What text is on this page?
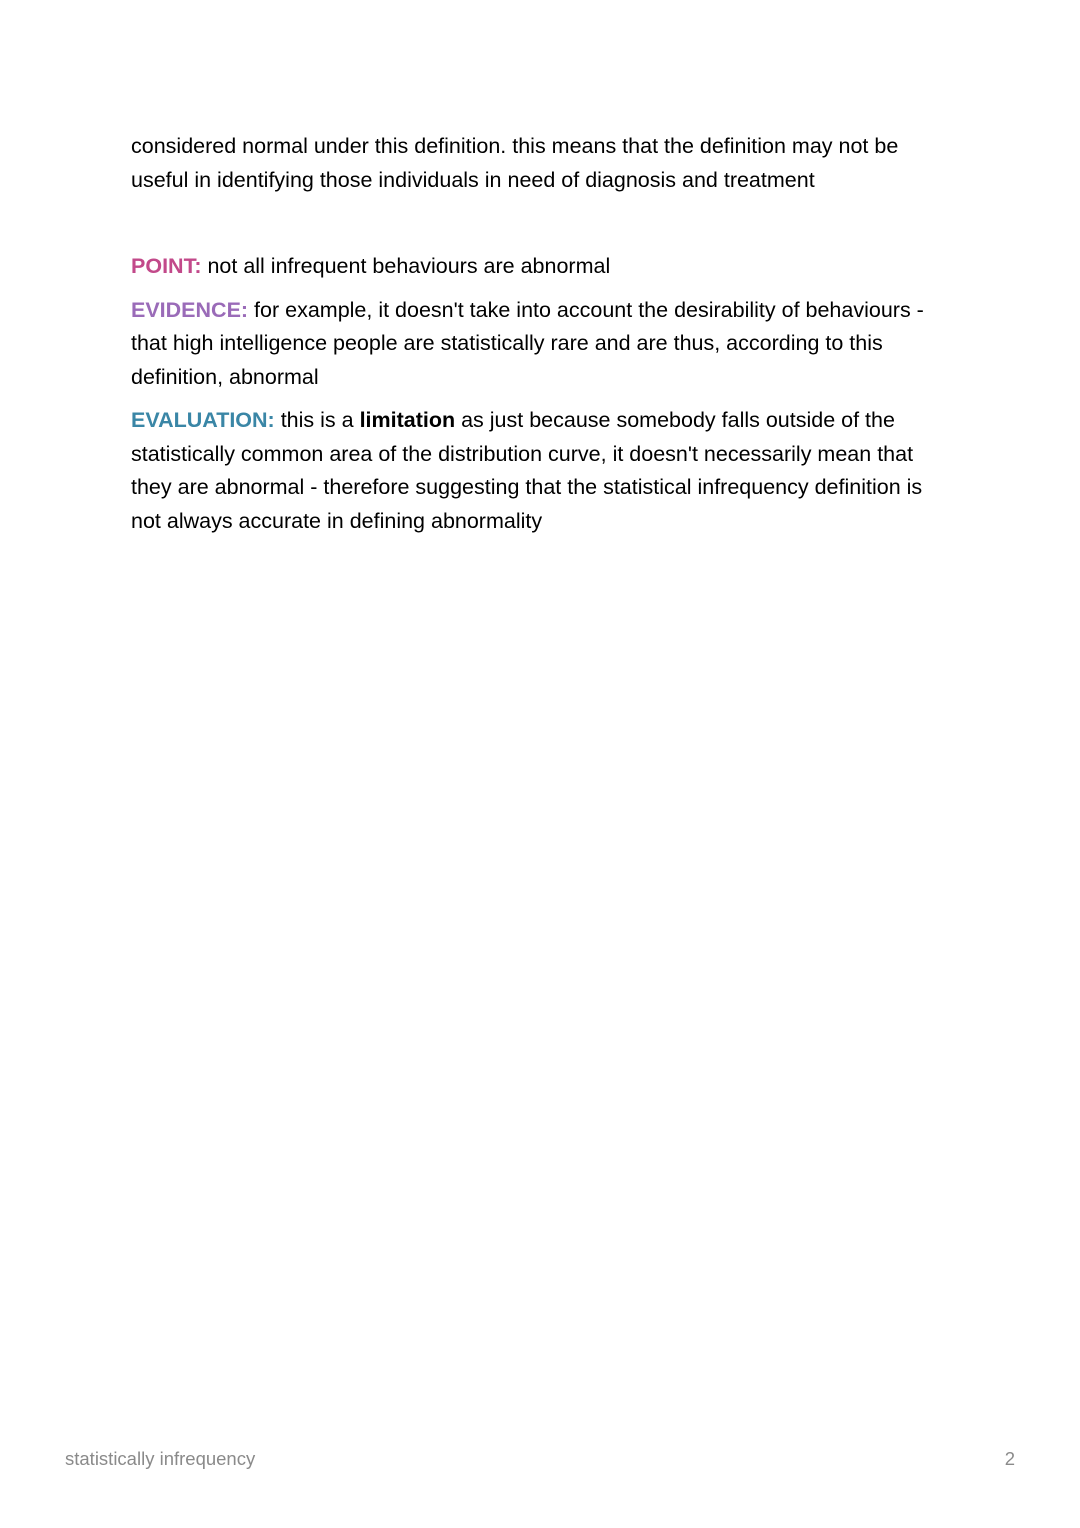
considered normal under this definition. this means that the definition may not be useful in identifying those individuals in need of diagnosis and treatment

POINT: not all infrequent behaviours are abnormal

EVIDENCE: for example, it doesn't take into account the desirability of behaviours - that high intelligence people are statistically rare and are thus, according to this definition, abnormal

EVALUATION: this is a limitation as just because somebody falls outside of the statistically common area of the distribution curve, it doesn't necessarily mean that they are abnormal - therefore suggesting that the statistical infrequency definition is not always accurate in defining abnormality

statistically infrequency	2
